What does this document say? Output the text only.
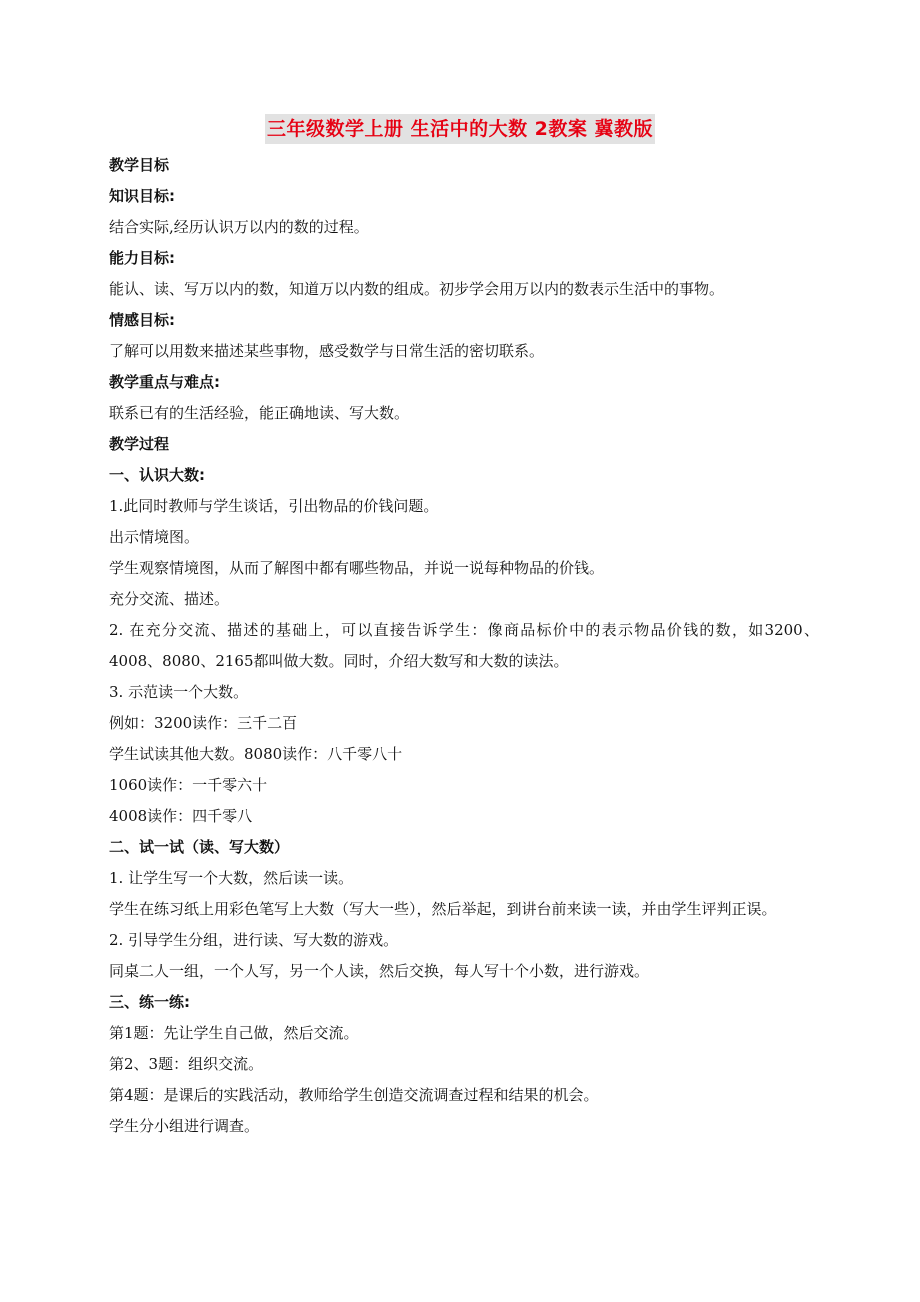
三年级数学上册 生活中的大数 2教案 冀教版
教学目标
知识目标:
结合实际,经历认识万以内的数的过程。
能力目标:
能认、读、写万以内的数，知道万以内数的组成。初步学会用万以内的数表示生活中的事物。
情感目标:
了解可以用数来描述某些事物，感受数学与日常生活的密切联系。
教学重点与难点:
联系已有的生活经验，能正确地读、写大数。
教学过程
一、认识大数:
1.此同时教师与学生谈话，引出物品的价钱问题。
出示情境图。
学生观察情境图，从而了解图中都有哪些物品，并说一说每种物品的价钱。
充分交流、描述。
2. 在充分交流、描述的基础上，可以直接告诉学生：像商品标价中的表示物品价钱的数，如3200、4008、8080、2165都叫做大数。同时，介绍大数写和大数的读法。
3. 示范读一个大数。
例如：3200读作：三千二百
学生试读其他大数。8080读作：八千零八十
1060读作：一千零六十
4008读作：四千零八
二、试一试（读、写大数）
1. 让学生写一个大数，然后读一读。
学生在练习纸上用彩色笔写上大数（写大一些），然后举起，到讲台前来读一读，并由学生评判正误。
2. 引导学生分组，进行读、写大数的游戏。
同桌二人一组，一个人写，另一个人读，然后交换，每人写十个小数，进行游戏。
三、练一练:
第1题：先让学生自己做，然后交流。
第2、3题：组织交流。
第4题：是课后的实践活动，教师给学生创造交流调查过程和结果的机会。
学生分小组进行调查。
